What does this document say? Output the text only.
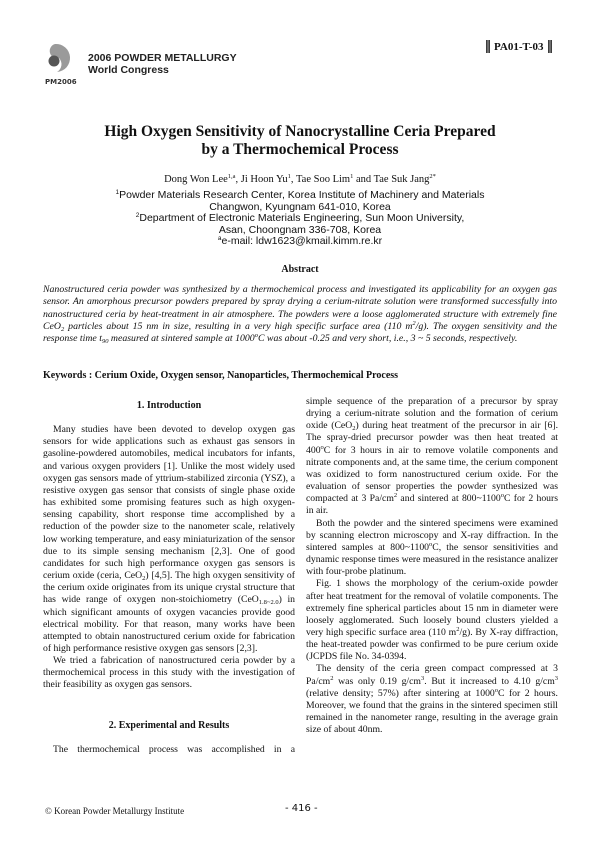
PM2006
2006 POWDER METALLURGY
World Congress
PA01-T-03
High Oxygen Sensitivity of Nanocrystalline Ceria Prepared
by a Thermochemical Process
Dong Won Lee$^{1,a}$, Ji Hoon Yu$^1$, Tae Soo Lim$^1$ and Tae Suk Jang$^{2*}$
$^1$Powder Materials Research Center, Korea Institute of Machinery and Materials
Changwon, Kyungnam 641-010, Korea
$^2$Department of Electronic Materials Engineering, Sun Moon University,
Asan, Choongnam 336-708, Korea
$^a$e-mail: ldw1623@kmail.kimm.re.kr
Abstract
Nanostructured ceria powder was synthesized by a thermochemical process and investigated its applicability for an oxygen gas sensor. An amorphous precursor powders prepared by spray drying a cerium-nitrate solution were transformed successfully into nanostructured ceria by heat-treatment in air atmosphere. The powders were a loose agglomerated structure with extremely fine CeO$_2$ particles about 15 nm in size, resulting in a very high specific surface area (110 $m^2/g$). The oxygen sensitivity and the response time $t_{90}$ measured at sintered sample at 1000$^o$C was about -0.25 and very short, i.e., 3 ~ 5 seconds, respectively.
Keywords : Cerium Oxide, Oxygen sensor, Nanoparticles, Thermochemical Process
1. Introduction

Many studies have been devoted to develop oxygen gas sensors for wide applications such as exhaust gas sensors in gasoline-powdered automobiles, medical incubators for infants, and various oxygen providers [1]. Unlike the most widely used oxygen gas sensors made of yttrium-stabilized zirconia (YSZ), a resistive oxygen gas sensor that consists of single phase oxide has exhibited some promising features such as high oxygen-sensing capability, short response time accomplished by a reduction of the powder size to the nanometer scale, relatively low working temperature, and easy miniaturization of the sensor due to its simple sensing mechanism [2,3]. One of good candidates for such high performance oxygen gas sensors is cerium oxide (ceria, CeO$_2$) [4,5]. The high oxygen sensitivity of the cerium oxide originates from its unique crystal structure that has wide range of oxygen non-stoichiometry (CeO$_{1.8\sim 2.0}$) in which significant amounts of oxygen vacancies provide good electrical mobility. For that reason, many works have been attempted to obtain nanostructured cerium oxide for fabrication of high performance resistive oxygen gas sensors [2,3].

We tried a fabrication of nanostructured ceria powder by a thermochemical process in this study with the investigation of their feasibility as oxygen gas sensors.

2. Experimental and Results

The thermochemical process was accomplished in a

simple sequence of the preparation of a precursor by spray drying a cerium-nitrate solution and the formation of cerium oxide (CeO$_2$) during heat treatment of the precursor in air [6]. The spray-dried precursor powder was then heat treated at 400$^o$C for 3 hours in air to remove volatile components and nitrate components and, at the same time, the cerium component was oxidized to form nanostructured cerium oxide. For the evaluation of sensor properties the powder synthesized was compacted at 3 $Pa/cm^2$ and sintered at 800~1100$^o$C for 2 hours in air.

Both the powder and the sintered specimens were examined by scanning electron microscopy and X-ray diffraction. In the sintered samples at 800~1100$^o$C, the sensor sensitivities and dynamic response times were measured in the resistance analizer with four-probe platinum.

Fig. 1 shows the morphology of the cerium-oxide powder after heat treatment for the removal of volatile components. The extremely fine spherical particles about 15 nm in diameter were loosely agglomerated. Such loosely bound clusters yielded a very high specific surface area (110 $m^2/g$). By X-ray diffraction, the heat-treated powder was confirmed to be pure cerium oxide (JCPDS file No. 34-0394.

The density of the ceria green compact compressed at 3 $Pa/cm^2$ was only 0.19 $g/cm^3$. But it increased to 4.10 $g/cm^3$ (relative density; 57%) after sintering at 1000$^o$C for 2 hours. Moreover, we found that the grains in the sintered specimen still remained in the nanometer range, resulting in the average grain size of about 40nm.

© Korean Powder Metallurgy Institute	- 416 -
